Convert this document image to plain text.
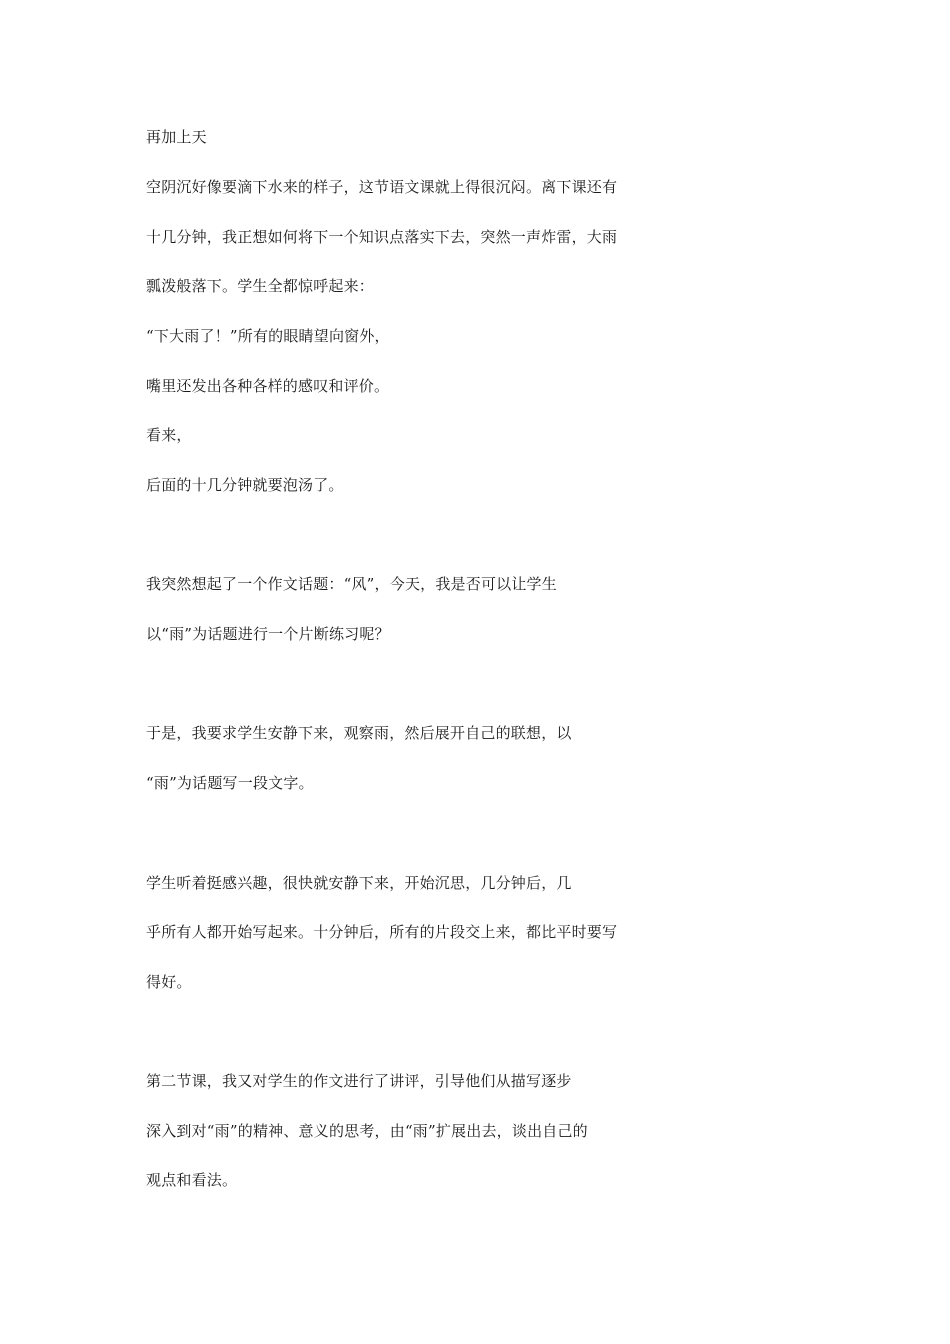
再加上天
空阴沉好像要滴下水来的样子，这节语文课就上得很沉闷。离下课还有
十几分钟，我正想如何将下一个知识点落实下去，突然一声炸雷，大雨
瓢泼般落下。学生全都惊呼起来：
“下大雨了！”所有的眼睛望向窗外，
嘴里还发出各种各样的感叹和评价。
看来，
后面的十几分钟就要泡汤了。
我突然想起了一个作文话题：“风”，今天，我是否可以让学生
以“雨”为话题进行一个片断练习呢？
于是，我要求学生安静下来，观察雨，然后展开自己的联想，以
“雨”为话题写一段文字。
学生听着挺感兴趣，很快就安静下来，开始沉思，几分钟后，几
乎所有人都开始写起来。十分钟后，所有的片段交上来，都比平时要写
得好。
第二节课，我又对学生的作文进行了讲评，引导他们从描写逐步
深入到对“雨”的精神、意义的思考，由“雨”扩展出去，谈出自己的
观点和看法。
